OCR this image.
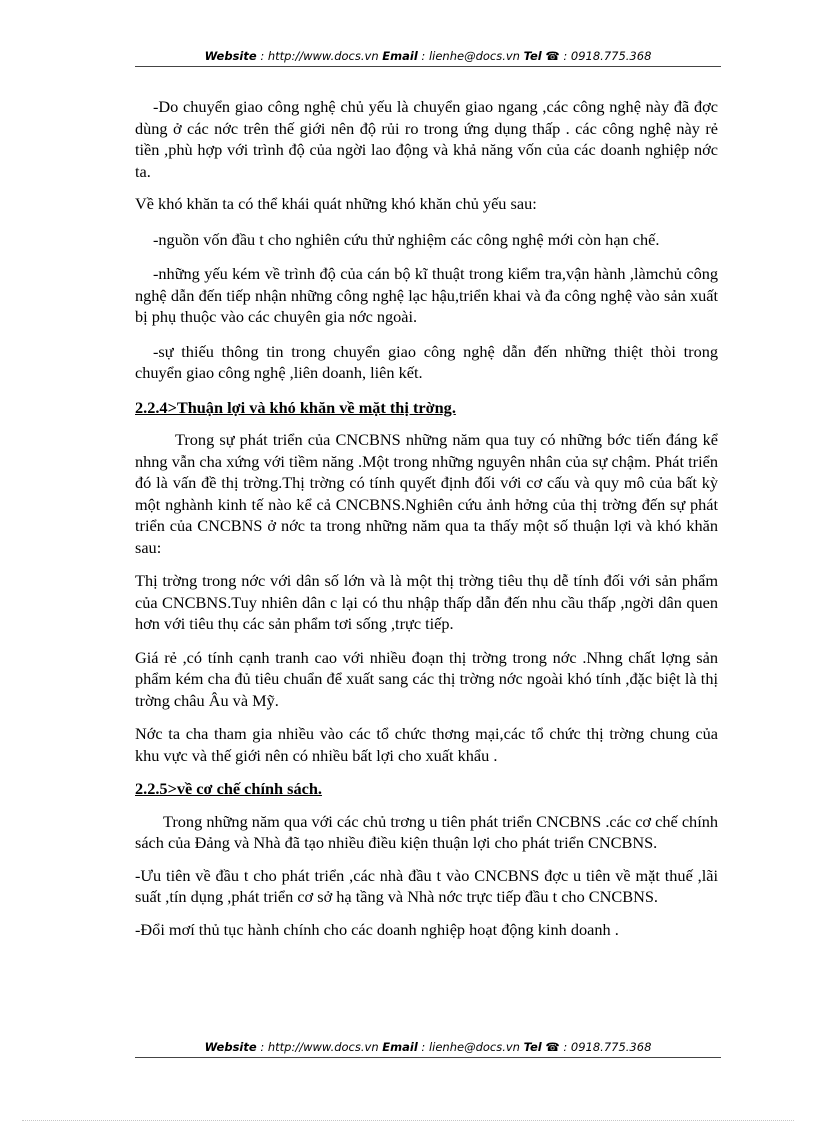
Website : http://www.docs.vn Email : lienhe@docs.vn Tel ☎ : 0918.775.368

-Do chuyển giao công nghệ chủ yếu là chuyển giao ngang ,các công nghệ này đã đợc dùng ở các nớc trên thế giới nên độ rủi ro trong ứng dụng thấp . các công nghệ này rẻ tiền ,phù hợp với trình độ của ngời lao động và khả năng vốn của các doanh nghiệp nớc ta.

Về khó khăn ta có thể khái quát những khó khăn chủ yếu sau:

-nguồn vốn đầu t cho nghiên cứu thử nghiệm các công nghệ mới còn hạn chế.

-những yếu kém về trình độ của cán bộ kĩ thuật trong kiểm tra,vận hành ,làmchủ công nghệ dẫn đến tiếp nhận những công nghệ lạc hậu,triển khai và đa công nghệ vào sản xuất bị phụ thuộc vào các chuyên gia nớc ngoài.

-sự thiếu thông tin trong chuyển giao công nghệ dẫn đến những thiệt thòi trong chuyển giao công nghệ ,liên doanh, liên kết.

2.2.4>Thuận lợi và khó khăn về mặt thị trờng.

Trong sự phát triển của CNCBNS những năm qua tuy có những bớc tiến đáng kể nhng vẫn cha xứng với tiềm năng .Một trong những nguyên nhân của sự chậm. Phát triển đó là vấn đề thị trờng.Thị trờng có tính quyết định đối với cơ cấu và quy mô của bất kỳ một nghành kinh tế nào kể cả CNCBNS.Nghiên cứu ảnh hởng của thị trờng đến sự phát triển của CNCBNS ở nớc ta trong những năm qua ta thấy một số thuận lợi và khó khăn sau:

Thị trờng trong nớc với dân số lớn và là một thị trờng tiêu thụ dễ tính đối với sản phẩm của CNCBNS.Tuy nhiên dân c lại có thu nhập thấp dẫn đến nhu cầu thấp ,ngời dân quen hơn với tiêu thụ các sản phẩm tơi sống ,trực tiếp.

Giá rẻ ,có tính cạnh tranh cao với nhiều đoạn thị trờng trong nớc .Nhng chất lợng sản phẩm kém cha đủ tiêu chuẩn để xuất sang các thị trờng nớc ngoài khó tính ,đặc biệt là thị trờng châu Âu và Mỹ.

Nớc ta cha tham gia nhiều vào các tổ chức thơng mại,các tổ chức thị trờng chung của khu vực và thế giới nên có nhiều bất lợi cho xuất khẩu .

2.2.5>về cơ chế chính sách.

Trong những năm qua với các chủ trơng u tiên phát triển CNCBNS .các cơ chế chính sách của Đảng và Nhà đã tạo nhiều điều kiện thuận lợi cho phát triển CNCBNS.

-Ưu tiên về đầu t cho phát triển ,các nhà đầu t vào CNCBNS đợc u tiên về mặt thuế ,lãi suất ,tín dụng ,phát triển cơ sở hạ tầng và Nhà nớc trực tiếp đầu t cho CNCBNS.

-Đổi mơí thủ tục hành chính cho các doanh nghiệp hoạt động kinh doanh .

Website : http://www.docs.vn Email : lienhe@docs.vn Tel ☎ : 0918.775.368
